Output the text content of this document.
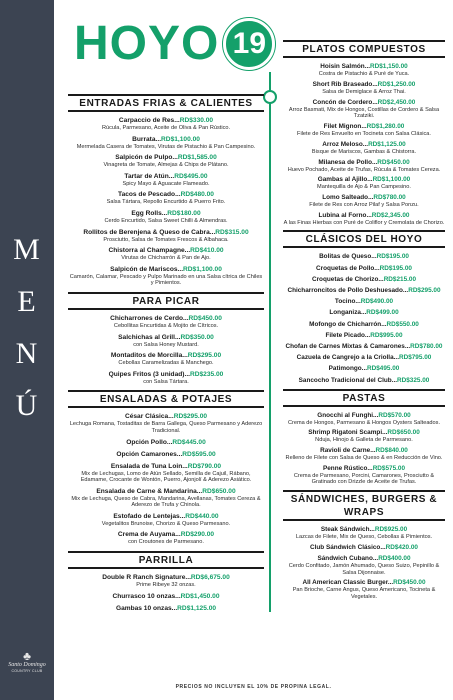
M
E
N
Ú
♣
Santo Domingo
COUNTRY CLUB
HOYO 19
ENTRADAS FRIAS & CALIENTES
Carpaccio de Res...RD$330.00
Rúcula, Parmesano, Aceite de Oliva & Pan Rústico.
Burrata...RD$1,100.00
Mermelada Casera de Tomates, Virutas de Pistachio & Pan Campesino.
Salpicón de Pulpo...RD$1,585.00
Vinagreta de Tomate, Almejas & Chips de Plátano.
Tartar de Atún...RD$495.00
Spicy Mayo & Aguacate Flameado.
Tacos de Pescado...RD$480.00
Salsa Tártara, Repollo Encurtido & Puerro Frito.
Egg Rolls...RD$180.00
Cerdo Encurtido, Salsa Sweet Chilli & Almendras.
Rollitos de Berenjena & Queso de Cabra...RD$315.00
Prosciutto, Salsa de Tomates Frescos & Albahaca.
Chistorra al Champagne...RD$410.00
Virutas de Chicharrón & Pan de Ajo.
Salpicón de Mariscos...RD$1,100.00
Camarón, Calamar, Pescado y Pulpo Marinado en una Salsa cítrica de Chiles y Pimientos.
PARA PICAR
Chicharrones de Cerdo...RD$450.00
Cebollitas Encurtidas & Mojito de Cítricos.
Salchichas al Grill...RD$350.00
con Salsa Honey Mustard.
Montaditos de Morcilla...RD$295.00
Cebollas Caramelizadas & Manchego.
Quipes Fritos (3 unidad)...RD$235.00
con Salsa Tártara.
ENSALADAS & POTAJES
César Clásica...RD$295.00
Lechuga Romana, Tostaditas de Barra Gallega, Queso Parmesano y Aderezo Tradicional.
Opción Pollo...RD$445.00
Opción Camarones...RD$595.00
Ensalada de Tuna Loin...RD$790.00
Mix de Lechugas, Lomo de Atún Sellado, Semilla de Cajuil, Rábano, Edamame, Crocante de Wontón, Puerro, Ajonjolí & Aderezo Asiático.
Ensalada de Carne & Mandarina...RD$650.00
Mix de Lechuga, Queso de Cabra, Mandarina, Avellanas, Tomates Cereza & Aderezo de Trufa y Chinola.
Estofado de Lentejas...RD$440.00
Vegetalitos Brunoise, Chorizo & Queso Parmesano.
Crema de Auyama...RD$290.00
con Croutones de Parmesano.
PARRILLA
Double R Ranch Signature...RD$6,675.00
Prime Ribeye 32 onzas.
Churrasco 10 onzas...RD$1,450.00
Gambas 10 onzas...RD$1,125.00
PLATOS COMPUESTOS
Hoisin Salmón...RD$1,150.00
Costra de Pistachio & Puré de Yuca.
Short Rib Braseado...RD$1,250.00
Salsa de Demiglace & Arroz Thai.
Concón de Cordero...RD$2,450.00
Arroz Basmati, Mix de Hongos, Costillas de Cordero & Salsa Tzatziki.
Filet Mignon...RD$1,280.00
Filete de Res Envuelto en Tocineta con Salsa Clásica.
Arroz Meloso...RD$1,125.00
Bisque de Mariscos, Gambas & Chistorra.
Milanesa de Pollo...RD$450.00
Huevo Pochado, Aceite de Trufas, Rúcula & Tomates Cereza.
Gambas al Ajillo...RD$1,100.00
Mantequilla de Ajo & Pan Campesino.
Lomo Salteado...RD$780.00
Filete de Res con Arroz Pilaf y Salsa Ponzu.
Lubina al Forno...RD$2,345.00
A las Finas Hierbas con Puré de Coliflor y Cremolata de Chorizo.
CLÁSICOS DEL HOYO
Bolitas de Queso...RD$195.00
Croquetas de Pollo...RD$195.00
Croquetas de Chorizo...RD$215.00
Chicharroncitos de Pollo Deshuesado...RD$295.00
Tocino...RD$490.00
Longaniza...RD$499.00
Mofongo de Chicharrón...RD$550.00
Filete Picado...RD$995.00
Chofan de Carnes Mixtas & Camarones...RD$780.00
Cazuela de Cangrejo a la Criolla...RD$795.00
Patimongo...RD$495.00
Sancocho Tradicional del Club...RD$325.00
PASTAS
Gnocchi al Funghi...RD$570.00
Crema de Hongos, Parmesano & Hongos Oysters Salteados.
Shrimp Rigatoni Scampi...RD$650.00
Nduja, Hinojo & Galleta de Parmesano.
Ravioli de Carne...RD$840.00
Relleno de Filete con Salsa de Queso & en Reducción de Vino.
Penne Rústico...RD$575.00
Crema de Parmesano, Porcini, Camarones, Prosciutto & Gratinado con Drizzle de Aceite de Trufas.
SÁNDWICHES, BURGERS & WRAPS
Steak Sándwich...RD$925.00
Lazcas de Filete, Mix de Queso, Cebollas & Pimientos.
Club Sándwich Clásico...RD$420.00
Sándwich Cubano...RD$400.00
Cerdo Confitado, Jamón Ahumado, Queso Suizo, Pepinillo & Salsa Dijonnaise.
All American Classic Burger...RD$450.00
Pan Brioche, Carne Angus, Queso Americano, Tocineta & Vegetales.
PRECIOS NO INCLUYEN EL 10% DE PROPINA LEGAL.
